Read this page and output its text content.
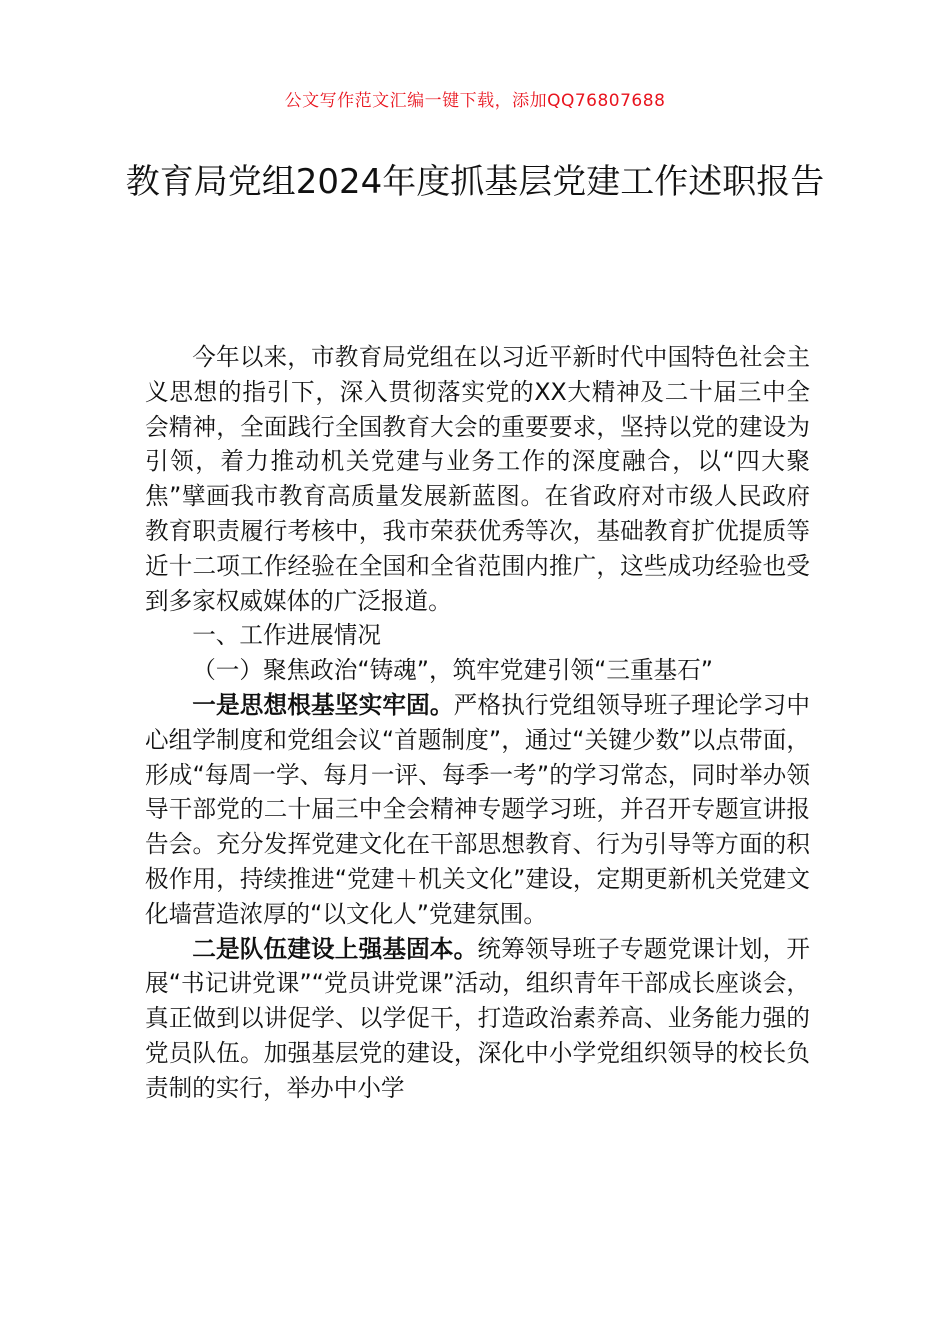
公文写作范文汇编一键下载，添加QQ76807688
教育局党组2024年度抓基层党建工作述职报告

今年以来，市教育局党组在以习近平新时代中国特色社会主义思想的指引下，深入贯彻落实党的XX大精神及二十届三中全会精神，全面践行全国教育大会的重要要求，坚持以党的建设为引领，着力推动机关党建与业务工作的深度融合，以“四大聚焦”擘画我市教育高质量发展新蓝图。在省政府对市级人民政府教育职责履行考核中，我市荣获优秀等次，基础教育扩优提质等近十二项工作经验在全国和全省范围内推广，这些成功经验也受到多家权威媒体的广泛报道。

一、工作进展情况

（一）聚焦政治“铸魂”，筑牢党建引领“三重基石”

一是思想根基坚实牢固。严格执行党组领导班子理论学习中心组学制度和党组会议“首题制度”，通过“关键少数”以点带面，形成“每周一学、每月一评、每季一考”的学习常态，同时举办领导干部党的二十届三中全会精神专题学习班，并召开专题宣讲报告会。充分发挥党建文化在干部思想教育、行为引导等方面的积极作用，持续推进“党建＋机关文化”建设，定期更新机关党建文化墙营造浓厚的“以文化人”党建氛围。

二是队伍建设上强基固本。统筹领导班子专题党课计划，开展“书记讲党课”“党员讲党课”活动，组织青年干部成长座谈会，真正做到以讲促学、以学促干，打造政治素养高、业务能力强的党员队伍。加强基层党的建设，深化中小学党组织领导的校长负责制的实行，举办中小学
